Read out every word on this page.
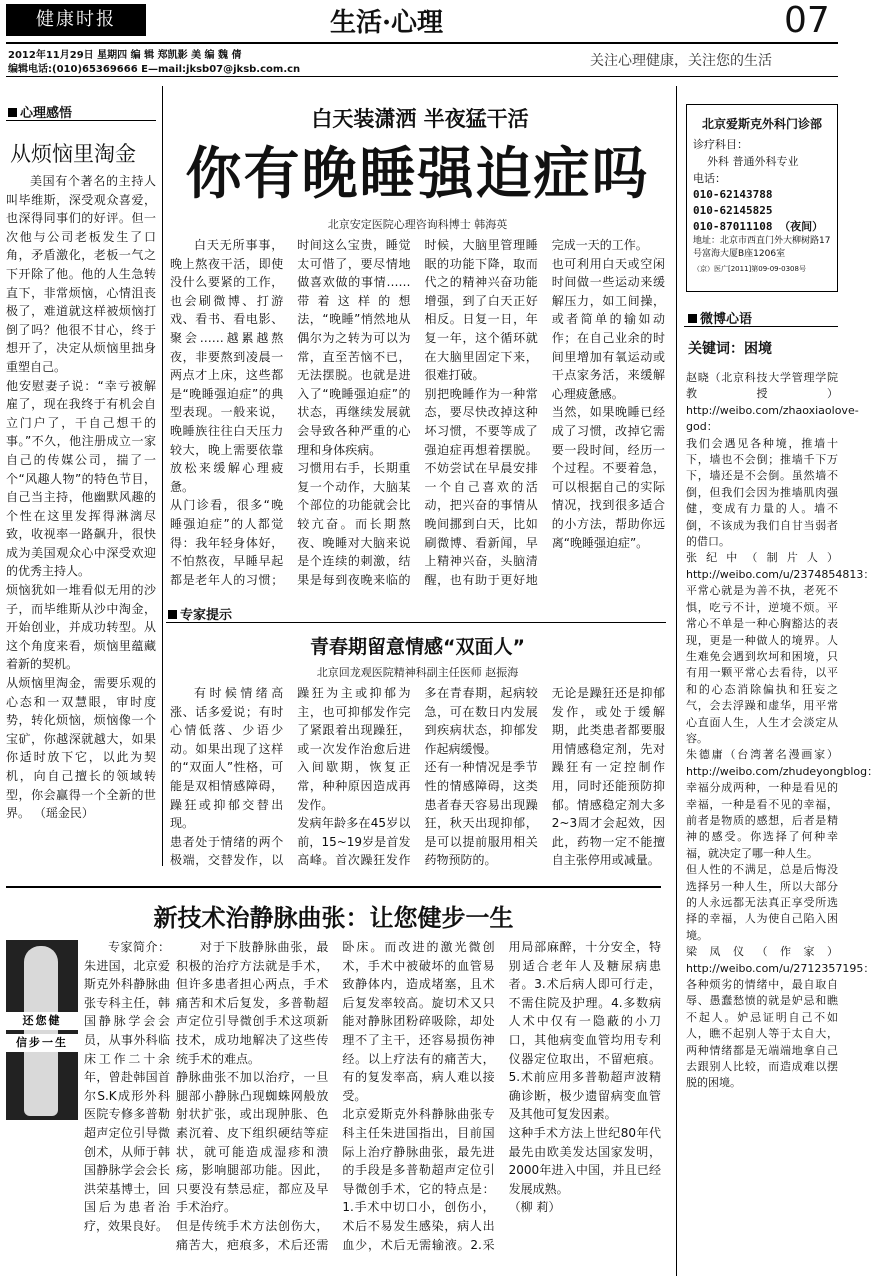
健康时报	生活·心理	07
2012年11月29日 星期四 编 辑 郑凯影 美 编 魏 倩
编辑电话:(010)65369666 E—mail:jksb07@jksb.com.cn
关注心理健康，关注您的生活
心理感悟
从烦恼里淘金
美国有个著名的主持人叫毕维斯，深受观众喜爱，也深得同事们的好评。但一次他与公司老板发生了口角，矛盾激化，老板一气之下开除了他。他的人生急转直下，非常烦恼，心情沮丧极了，难道就这样被烦恼打倒了吗？他很不甘心，终于想开了，决定从烦恼里拙身重塑自己。
他安慰妻子说：“幸亏被解雇了，现在我终于有机会自立门户了，干自己想干的事。”不久，他注册成立一家自己的传媒公司，揣了一个“风趣人物”的特色节目，自己当主持，他幽默风趣的个性在这里发挥得淋漓尽致，收视率一路飙升，很快成为美国观众心中深受欢迎的优秀主持人。
烦恼犹如一堆看似无用的沙子，而毕维斯从沙中淘金，开始创业，并成功转型。从这个角度来看，烦恼里蕴藏着新的契机。
从烦恼里淘金，需要乐观的心态和一双慧眼，审时度势，转化烦恼，烦恼像一个宝矿，你越深就越大，如果你适时放下它，以此为契机，向自己擅长的领域转型，你会赢得一个全新的世界。 （瑶金民）
白天装潇洒 半夜猛干活
你有晚睡强迫症吗
北京安定医院心理咨询科博士 韩海英
白天无所事事，晚上熬夜干活，即使没什么要紧的工作，也会刷微博、打游戏、看书、看电影、聚会……越累越熬夜，非要熬到凌晨一两点才上床，这些都是“晚睡强迫症”的典型表现。一般来说，晚睡族往往白天压力较大，晚上需要依靠放松来缓解心理疲惫。
从门诊看，很多“晚睡强迫症”的人都觉得：我年轻身体好，不怕熬夜，早睡早起都是老年人的习惯；时间这么宝贵，睡觉太可惜了，要尽情地做喜欢做的事情……带着这样的想法，“晚睡”悄然地从偶尔为之转为可以为常，直至苦恼不已，无法摆脱。也就是进入了“晚睡强迫症”的状态，再继续发展就会导致各种严重的心理和身体疾病。
习惯用右手，长期重复一个动作，大脑某个部位的功能就会比较亢奋。而长期熬夜、晚睡对大脑来说是个连续的刺激，结果是每到夜晚来临的时候，大脑里管理睡眠的功能下降，取而代之的精神兴奋功能增强，到了白天正好相反。日复一日，年复一年，这个循环就在大脑里固定下来，很难打破。
别把晚睡作为一种常态，要尽快改掉这种坏习惯，不要等成了强迫症再想着摆脱。不妨尝试在早晨安排一个自己喜欢的活动，把兴奋的事情从晚间挪到白天，比如刷微博、看新闻，早上精神兴奋，头脑清醒，也有助于更好地完成一天的工作。
也可利用白天或空闲时间做一些运动来缓解压力，如工间操，或者简单的输如动作；在自己业余的时间里增加有氧运动或干点家务活，来缓解心理疲惫感。
当然，如果晚睡已经成了习惯，改掉它需要一段时间，经历一个过程。不要着急，可以根据自己的实际情况，找到很多适合的小方法，帮助你远离“晚睡强迫症”。
专家提示
青春期留意情感“双面人”
北京回龙观医院精神科副主任医师 赵振海
有时候情绪高涨、话多爱说；有时心情低落、少语少动。如果出现了这样的“双面人”性格，可能是双相情感障碍，躁狂或抑郁交替出现。
患者处于情绪的两个极端，交替发作，以躁狂为主或抑郁为主，也可抑郁发作完了紧跟着出现躁狂，或一次发作治愈后进入间歇期，恢复正常，种种原因造成再发作。
发病年龄多在45岁以前，15~19岁是首发高峰。首次躁狂发作多在青春期，起病较急，可在数日内发展到疾病状态，抑郁发作起病缓慢。
还有一种情况是季节性的情感障碍，这类患者春天容易出现躁狂，秋天出现抑郁，是可以提前服用相关药物预防的。
无论是躁狂还是抑郁发作，或处于缓解期，此类患者都要服用情感稳定剂，先对躁狂有一定控制作用，同时还能预防抑郁。情感稳定剂大多2~3周才会起效，因此，药物一定不能擅自主张停用或减量。
新技术治静脉曲张：让您健步一生
还您健
信步一生
专家简介：朱进国，北京爱斯克外科静脉曲张专科主任，韩国静脉学会会员，从事外科临床工作二十余年，曾赴韩国首尔S.K成形外科医院专修多普勒超声定位引导微创术，从师于韩国静脉学会会长洪荣基博士，回国后为患者治疗，效果良好。
对于下肢静脉曲张，最积极的治疗方法就是手术，但许多患者担心两点，手术痛苦和术后复发，多普勒超声定位引导微创手术这项新技术，成功地解决了这些传统手术的难点。
静脉曲张不加以治疗，一旦腿部小静脉凸现蜘蛛网般放射状扩张，或出现肿胀、色素沉着、皮下组织硬结等症状，就可能造成湿疹和溃疡，影响腿部功能。因此，只要没有禁忌症，都应及早手术治疗。
但是传统手术方法创伤大，痛苦大，疤痕多，术后还需卧床。而改进的激光微创术，手术中被破坏的血管易致静体内，造成堵塞，且术后复发率较高。旋切术又只能对静脉团粉碎吸除，却处理不了主干，还容易损伤神经。以上疗法有的痛苦大，有的复发率高，病人难以接受。
北京爱斯克外科静脉曲张专科主任朱进国指出，目前国际上治疗静脉曲张，最先进的手段是多普勒超声定位引导微创手术，它的特点是：1.手术中切口小，创伤小，术后不易发生感染，病人出血少，术后无需输液。2.采用局部麻醉，十分安全，特别适合老年人及糖尿病患者。3.术后病人即可行走，不需住院及护理。4.多数病人术中仅有一隐蔽的小刀口，其他病变血管均用专利仪器定位取出，不留疤痕。5.术前应用多普勒超声波精确诊断，极少遗留病变血管及其他可复发因素。
这种手术方法上世纪80年代最先由欧美发达国家发明，2000年进入中国，并且已经发展成熟。
（柳 莉）
北京爱斯克外科门诊部
诊疗科目：
外科 普通外科专业
电话：
010-62143788
010-62145825
010-87011108 （夜间）
地址：北京市西直门外大柳树路17号富海大厦B座1206室
（京）医广[2011]第09-09-0308号
微博心语
关键词：困境
赵晓（北京科技大学管理学院教授）http://weibo.com/zhaoxiaolove-god：
我们会遇见各种境，推墙十下，墙也不会倒；推墙千下万下，墙还是不会倒。虽然墙不倒，但我们会因为推墙肌肉强健，变成有力量的人。墙不倒，不该成为我们自甘当弱者的借口。
张纪中（制片人）http://weibo.com/u/2374854813：
平常心就是为善不执，老死不惧，吃亏不计，逆境不烦。平常心不单是一种心胸豁达的表现，更是一种做人的境界。人生难免会遇到坎坷和困境，只有用一颗平常心去看待，以平和的心态消除偏执和狂妄之气，会去浮躁和虚华，用平常心直面人生，人生才会淡定从容。
朱德庸（台湾著名漫画家）http://weibo.com/zhudeyongblog：
幸福分成两种，一种是看见的幸福，一种是看不见的幸福，前者是物质的感想，后者是精神的感受。你选择了何种幸福，就决定了哪一种人生。
但人性的不满足，总是后悔没选择另一种人生，所以大部分的人永远都无法真正享受所选择的幸福，人为使自己陷入困境。
梁凤仪（作家）http://weibo.com/u/2712357195：
各种烦劣的情绪中，最自取自辱、愚蠢愁愤的就是妒忌和瞧不起人。妒忌证明自己不如人，瞧不起别人等于太自大，两种情绪都是无端端地拿自己去跟别人比较，而造成难以摆脱的困境。
